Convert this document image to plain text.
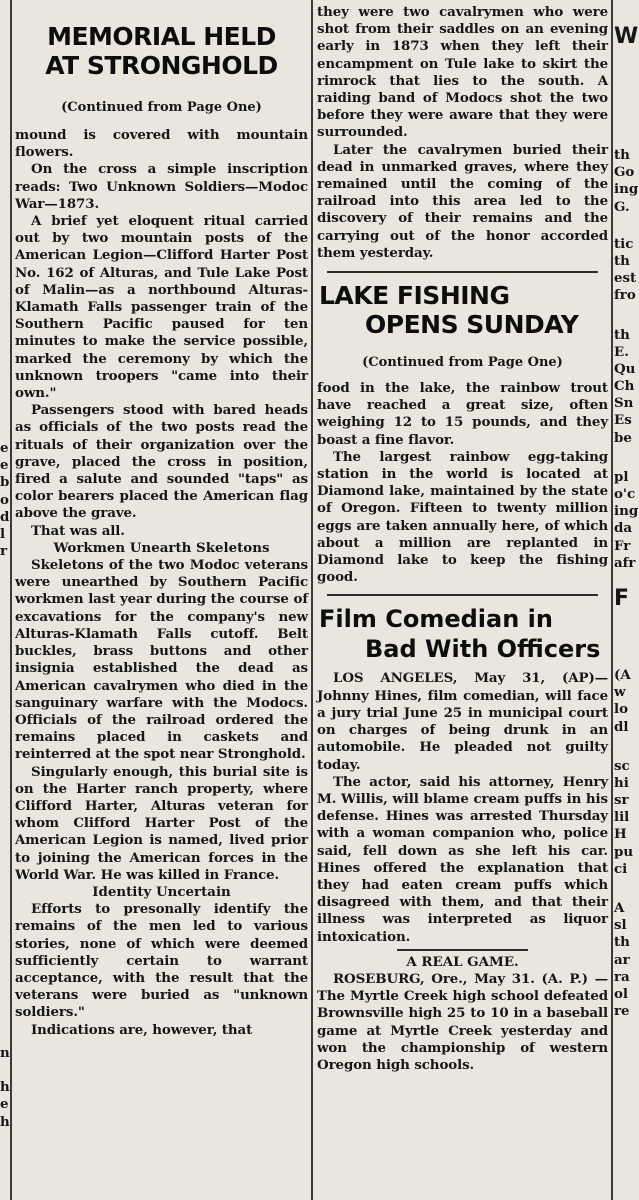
e
e
b
o
d
l
r
n
h
e
h
MEMORIAL HELD
AT STRONGHOLD
(Continued from Page One)

mound is covered with mountain flowers.

On the cross a simple inscription reads: Two Unknown Soldiers—Modoc War—1873.

A brief yet eloquent ritual carried out by two mountain posts of the American Legion—Clifford Harter Post No. 162 of Alturas, and Tule Lake Post of Malin—as a northbound Alturas-Klamath Falls passenger train of the Southern Pacific paused for ten minutes to make the service possible, marked the ceremony by which the unknown troopers "came into their own."

Passengers stood with bared heads as officials of the two posts read the rituals of their organization over the grave, placed the cross in position, fired a salute and sounded "taps" as color bearers placed the American flag above the grave.

That was all.

Workmen Unearth Skeletons

Skeletons of the two Modoc veterans were unearthed by Southern Pacific workmen last year during the course of excavations for the company's new Alturas-Klamath Falls cutoff. Belt buckles, brass buttons and other insignia established the dead as American cavalrymen who died in the sanguinary warfare with the Modocs. Officials of the railroad ordered the remains placed in caskets and reinterred at the spot near Stronghold.

Singularly enough, this burial site is on the Harter ranch property, where Clifford Harter, Alturas veteran for whom Clifford Harter Post of the American Legion is named, lived prior to joining the American forces in the World War. He was killed in France.

Identity Uncertain

Efforts to presonally identify the remains of the men led to various stories, none of which were deemed sufficiently certain to warrant acceptance, with the result that the veterans were buried as "unknown soldiers."

Indications are, however, that

they were two cavalrymen who were shot from their saddles on an evening early in 1873 when they left their encampment on Tule lake to skirt the rimrock that lies to the south. A raiding band of Modocs shot the two before they were aware that they were surrounded.

Later the cavalrymen buried their dead in unmarked graves, where they remained until the coming of the railroad into this area led to the discovery of their remains and the carrying out of the honor accorded them yesterday.

LAKE FISHING
OPENS SUNDAY
(Continued from Page One)

food in the lake, the rainbow trout have reached a great size, often weighing 12 to 15 pounds, and they boast a fine flavor.

The largest rainbow egg-taking station in the world is located at Diamond lake, maintained by the state of Oregon. Fifteen to twenty million eggs are taken annually here, of which about a million are replanted in Diamond lake to keep the fishing good.

Film Comedian in
Bad With Officers

LOS ANGELES, May 31, (AP)—Johnny Hines, film comedian, will face a jury trial June 25 in municipal court on charges of being drunk in an automobile. He pleaded not guilty today.

The actor, said his attorney, Henry M. Willis, will blame cream puffs in his defense. Hines was arrested Thursday with a woman companion who, police said, fell down as she left his car. Hines offered the explanation that they had eaten cream puffs which disagreed with them, and that their illness was interpreted as liquor intoxication.

A REAL GAME.

ROSEBURG, Ore., May 31. (A. P.) — The Myrtle Creek high school defeated Brownsville high 25 to 10 in a baseball game at Myrtle Creek yesterday and won the championship of western Oregon high schools.

W
th
Go
ing
G.
tic
th
est
fro
th
E.
Qu
Ch
Sn
Es
be
pl
o'c
ing
da
Fr
afr
F
(A
w
lo
dl
sc
hi
sr
lil
H
pu
ci
A
sl
th
ar
ra
ol
re
